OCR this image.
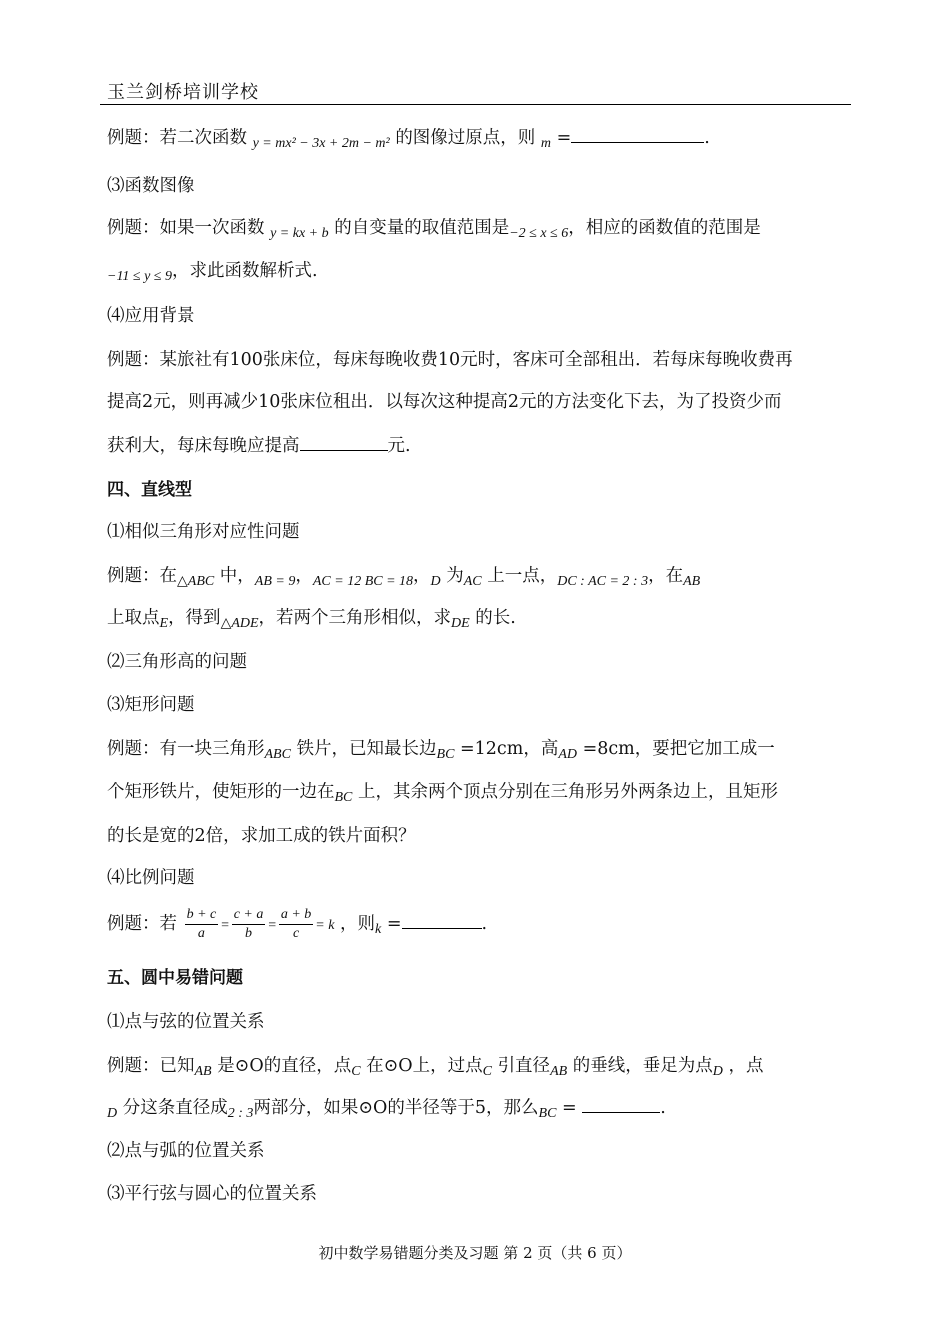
玉兰剑桥培训学校
例题：若二次函数 $_{y = mx^2 - 3x + 2m - m^2}$ 的图像过原点，则 $_m$ =	.
⑶函数图像
例题：如果一次函数 $_{y = kx + b}$ 的自变量的取值范围是$_{-2 \le x \le 6}$，相应的函数值的范围是
$_{-11 \le y \le 9}$，求此函数解析式.
⑷应用背景
例题：某旅社有100张床位，每床每晚收费10元时，客床可全部租出．若每床每晚收费再
提高2元，则再减少10张床位租出．以每次这种提高2元的方法变化下去，为了投资少而
获利大，每床每晚应提高	元.
四、直线型
⑴相似三角形对应性问题
例题：在$_{\triangle ABC}$ 中，$_{AB = 9}$，$_{AC = 12 BC = 18}$，$_D$ 为$_{AC}$ 上一点，$_{DC : AC = 2 : 3}$，在$_{AB}$
上取点$_E$，得到$_{\triangle ADE}$，若两个三角形相似，求$_{DE}$ 的长.
⑵三角形高的问题
⑶矩形问题
例题：有一块三角形$_{ABC}$ 铁片，已知最长边$_{BC}$ =12cm，高$_{AD}$ =8cm，要把它加工成一
个矩形铁片，使矩形的一边在$_{BC}$ 上，其余两个顶点分别在三角形另外两条边上，且矩形
的长是宽的2倍，求加工成的铁片面积？
⑷比例问题
例题：若 $\frac{b + c}{a} = \frac{c + a}{b} = \frac{a + b}{c} = k$ ，则$_k$ =	.
五、圆中易错问题
⑴点与弦的位置关系
例题：已知$_{AB}$ 是⊙O的直径，点$_C$ 在⊙O上，过点$_C$ 引直径$_{AB}$ 的垂线，垂足为点$_D$ ，点
$_D$ 分这条直径成$_{2 : 3}$两部分，如果⊙O的半径等于5，那么$_{BC}$ =	.
⑵点与弧的位置关系
⑶平行弦与圆心的位置关系
初中数学易错题分类及习题 第 2 页（共 6 页）
